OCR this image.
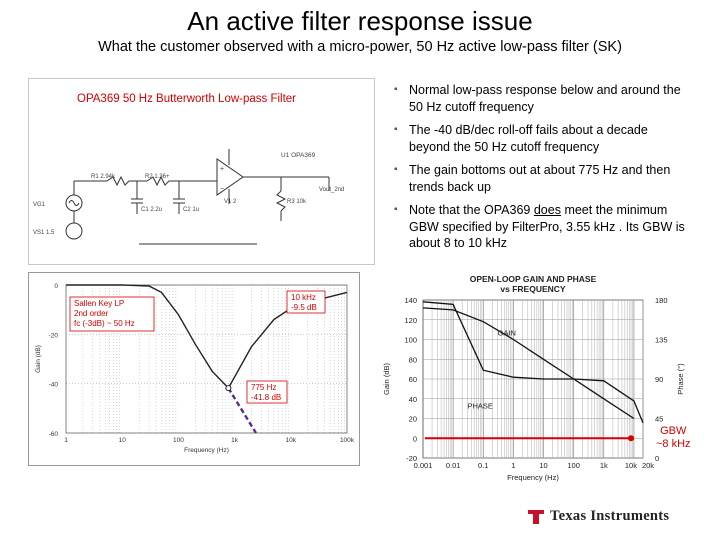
An active filter response issue
What the customer observed with a micro-power, 50 Hz active low-pass filter (SK)
OPA369 50 Hz Butterworth Low-pass Filter
+
−
U1 OPA369
R1 2.94k	R2 1.36+
C1 2.2u	C2 1u
V1 2	R3 10k
Vout_2nd
VG1
VS1 1.5
▪ Normal low-pass response below and around the 50 Hz cutoff frequency
▪ The -40 dB/dec roll-off fails about a decade beyond the 50 Hz cutoff frequency
▪ The gain bottoms out at about 775 Hz and then trends back up
▪ Note that the OPA369 does meet the minimum GBW specified by FilterPro, 3.55 kHz . Its GBW is about 8 to 10 kHz
0
-20
-40
-60
1	10	100	1k	10k	100k
Frequency (Hz)
Gain (dB)
Sallen Key LP
2nd order
fc (-3dB) ~ 50 Hz
10 kHz
-9.5 dB
775 Hz
-41.8 dB
OPEN-LOOP GAIN AND PHASE
vs FREQUENCY
140
120
100
80
60
40
20
0
-20
180
135
90
45
0
0.001 0.01 0.1	1	10	100	1k 10k 20k
Frequency (Hz)
Gain (dB)	Phase (°)
GAIN
PHASE
GBW
~8 kHz
Texas Instruments
